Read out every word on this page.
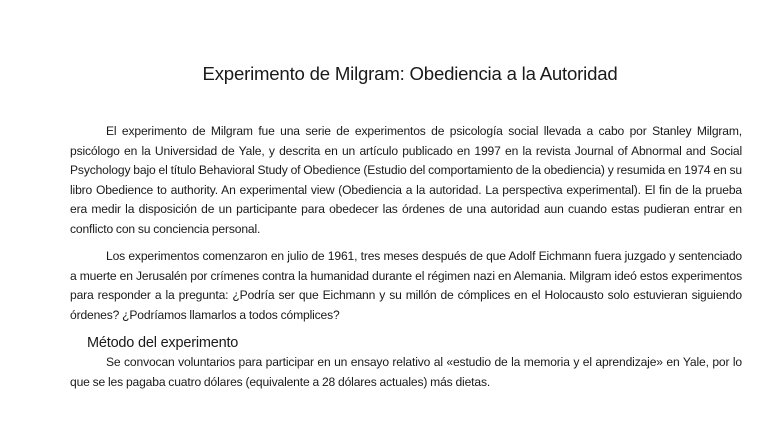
Experimento de Milgram: Obediencia a la Autoridad

El experimento de Milgram fue una serie de experimentos de psicología social llevada a cabo por Stanley Milgram, psicólogo en la Universidad de Yale, y descrita en un artículo publicado en 1997 en la revista Journal of Abnormal and Social Psychology bajo el título Behavioral Study of Obedience (Estudio del comportamiento de la obediencia) y resumida en 1974 en su libro Obedience to authority. An experimental view (Obediencia a la autoridad. La perspectiva experimental). El fin de la prueba era medir la disposición de un participante para obedecer las órdenes de una autoridad aun cuando estas pudieran entrar en conflicto con su conciencia personal.

Los experimentos comenzaron en julio de 1961, tres meses después de que Adolf Eichmann fuera juzgado y sentenciado a muerte en Jerusalén por crímenes contra la humanidad durante el régimen nazi en Alemania. Milgram ideó estos experimentos para responder a la pregunta: ¿Podría ser que Eichmann y su millón de cómplices en el Holocausto solo estuvieran siguiendo órdenes? ¿Podríamos llamarlos a todos cómplices?

Método del experimento

Se convocan voluntarios para participar en un ensayo relativo al «estudio de la memoria y el aprendizaje» en Yale, por lo que se les pagaba cuatro dólares (equivalente a 28 dólares actuales) más dietas.
